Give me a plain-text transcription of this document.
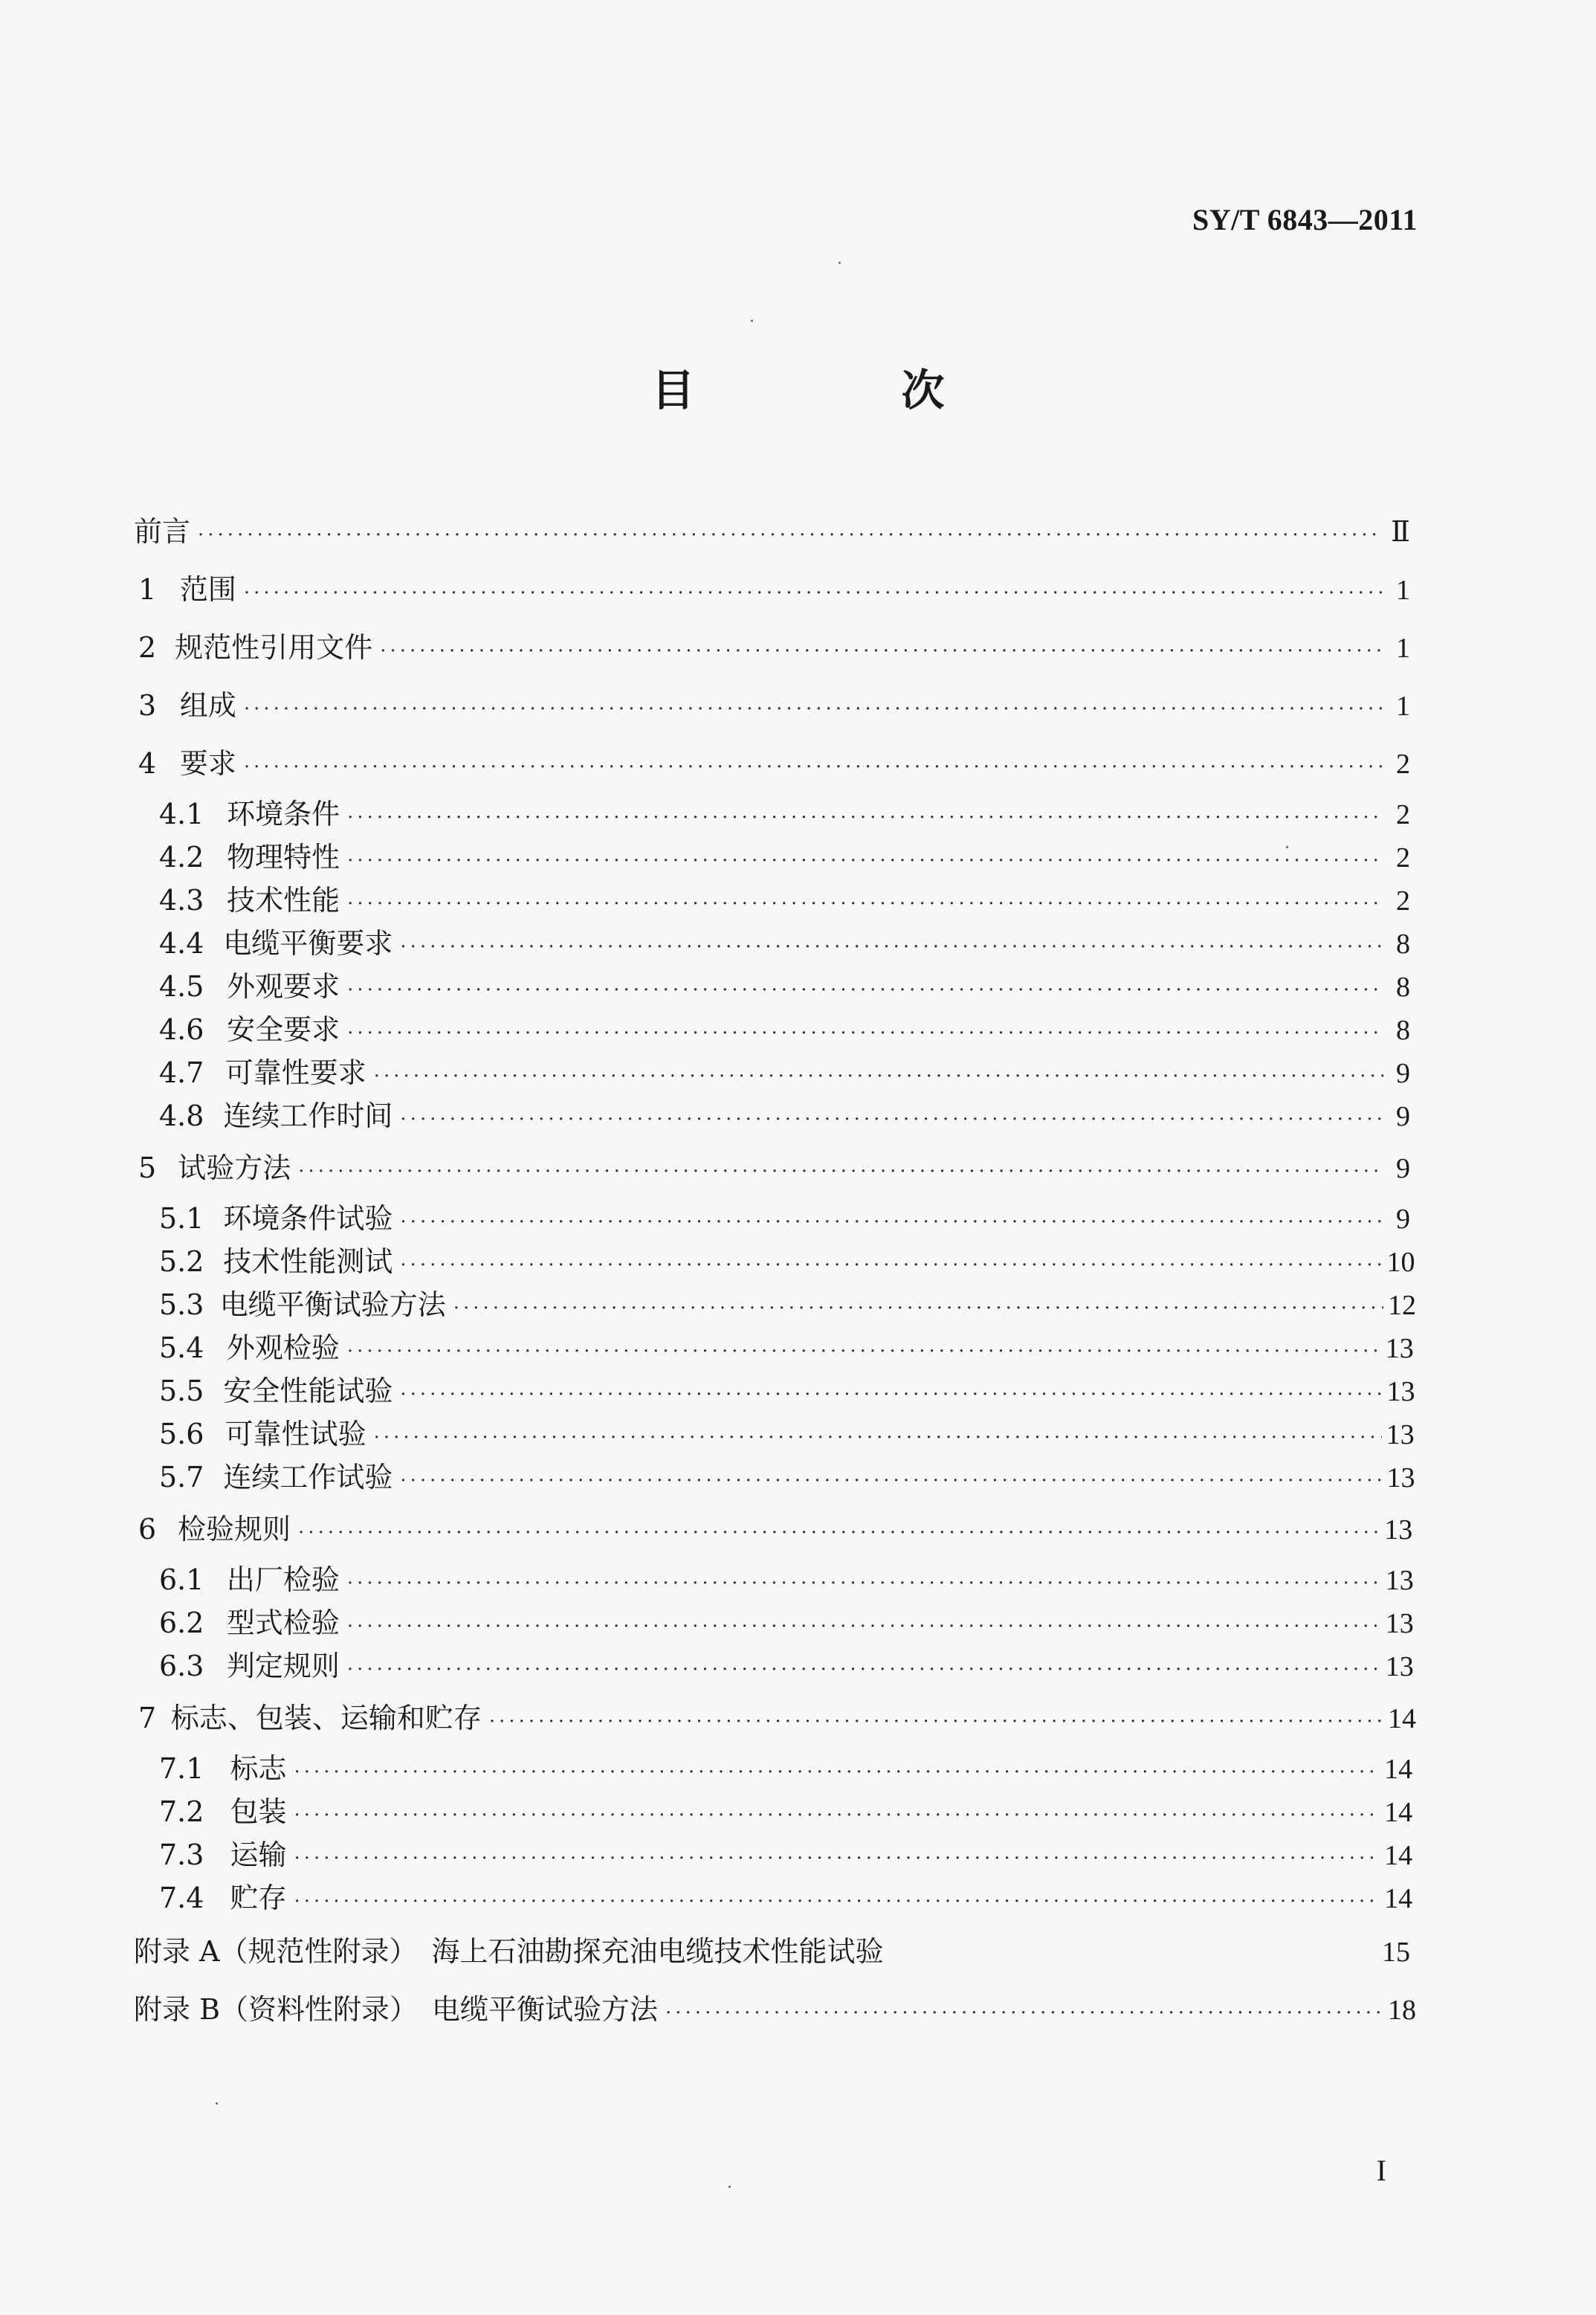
SY/T 6843—2011
目　次
前言 ·····	Ⅱ
1 范围 ·····	1
2 规范性引用文件 ·····	1
3 组成 ·····	1
4 要求 ·····	2
4.1 环境条件 ·····	2
4.2 物理特性 ·····	2
4.3 技术性能 ·····	2
4.4 电缆平衡要求 ·····	8
4.5 外观要求 ·····	8
4.6 安全要求 ·····	8
4.7 可靠性要求 ·····	9
4.8 连续工作时间 ·····	9
5 试验方法 ·····	9
5.1 环境条件试验 ·····	9
5.2 技术性能测试 ·····	10
5.3 电缆平衡试验方法 ·····	12
5.4 外观检验 ·····	13
5.5 安全性能试验 ·····	13
5.6 可靠性试验 ·····	13
5.7 连续工作试验 ·····	13
6 检验规则 ·····	13
6.1 出厂检验 ·····	13
6.2 型式检验 ·····	13
6.3 判定规则 ·····	13
7 标志、包装、运输和贮存 ·····	14
7.1 标志 ·····	14
7.2 包装 ·····	14
7.3 运输 ·····	14
7.4 贮存 ·····	14
附录 A（规范性附录）　海上石油勘探充油电缆技术性能试验	15
附录 B（资料性附录）　电缆平衡试验方法 ·····	18
I
